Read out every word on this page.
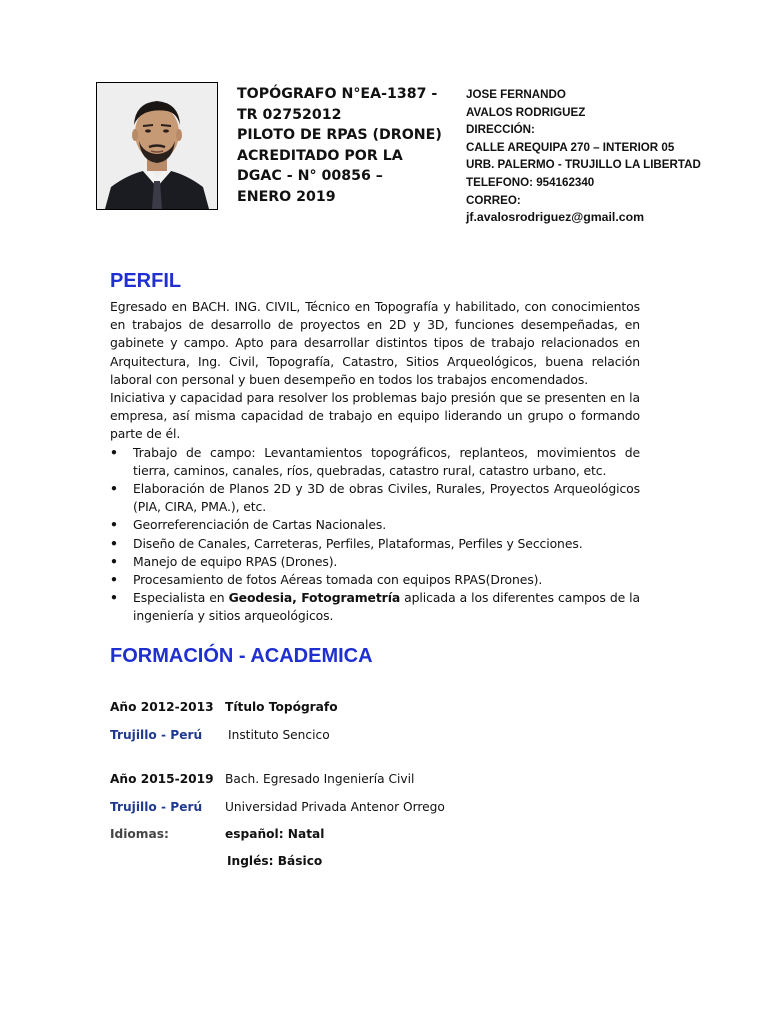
TOPÓGRAFO N°EA-1387 -
TR 02752012
PILOTO DE RPAS (DRONE)
ACREDITADO POR LA
DGAC - N° 00856 –
ENERO 2019
JOSE FERNANDO
AVALOS RODRIGUEZ
DIRECCIÓN:
CALLE AREQUIPA 270 – INTERIOR 05
URB. PALERMO - TRUJILLO LA LIBERTAD
TELEFONO: 954162340
CORREO:
jf.avalosrodriguez@gmail.com
PERFIL

Egresado en BACH. ING. CIVIL, Técnico en Topografía y habilitado, con conocimientos en trabajos de desarrollo de proyectos en 2D y 3D, funciones desempeñadas, en gabinete y campo. Apto para desarrollar distintos tipos de trabajo relacionados en Arquitectura, Ing. Civil, Topografía, Catastro, Sitios Arqueológicos, buena relación laboral con personal y buen desempeño en todos los trabajos encomendados.

Iniciativa y capacidad para resolver los problemas bajo presión que se presenten en la empresa, así misma capacidad de trabajo en equipo liderando un grupo o formando parte de él.

• Trabajo de campo: Levantamientos topográficos, replanteos, movimientos de tierra, caminos, canales, ríos, quebradas, catastro rural, catastro urbano, etc.
• Elaboración de Planos 2D y 3D de obras Civiles, Rurales, Proyectos Arqueológicos (PIA, CIRA, PMA.), etc.
• Georreferenciación de Cartas Nacionales.
• Diseño de Canales, Carreteras, Perfiles, Plataformas, Perfiles y Secciones.
• Manejo de equipo RPAS (Drones).
• Procesamiento de fotos Aéreas tomada con equipos RPAS(Drones).
• Especialista en Geodesia, Fotogrametría aplicada a los diferentes campos de la ingeniería y sitios arqueológicos.
FORMACIÓN - ACADEMICA
Año 2012-2013 Título Topógrafo
Trujillo - Perú Instituto Sencico
Año 2015-2019 Bach. Egresado Ingeniería Civil
Trujillo - Perú Universidad Privada Antenor Orrego
Idiomas:	español: Natal
Inglés: Básico
